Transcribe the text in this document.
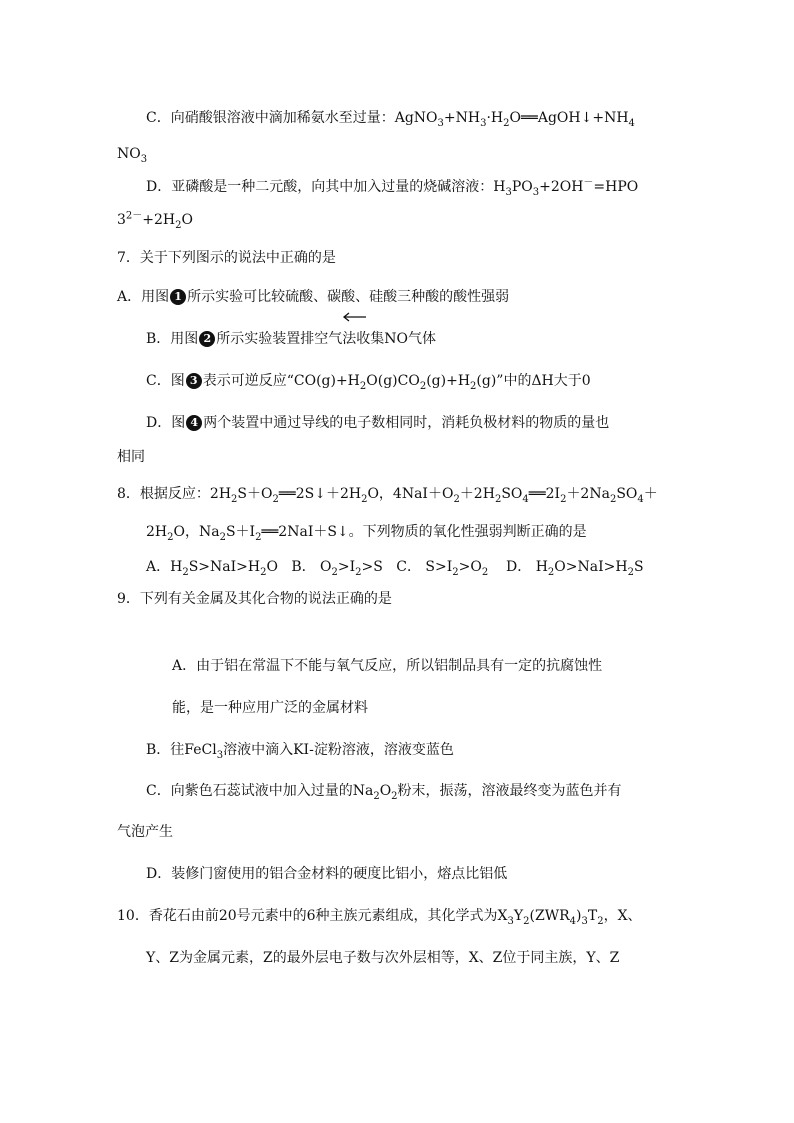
C．向硝酸银溶液中滴加稀氨水至过量：$AgNO_3+NH_3\cdot H_2O══AgOH↓+NH_4$
$NO_3$
D．亚磷酸是一种二元酸，向其中加入过量的烧碱溶液：$H_3PO_3+2OH^-=HPO$
$3^{2-}+2H_2O$
7．关于下列图示的说法中正确的是
A．用图 1 所示实验可比较硫酸、碳酸、硅酸三种酸的酸性强弱
B．用图 2 所示实验装置排空气法收集NO气体
C．图 3 表示可逆反应“$CO(g)+H_2O(g)CO_2(g)+H_2(g)$”中的ΔH大于0
D．图 4 两个装置中通过导线的电子数相同时，消耗负极材料的物质的量也
相同
8．根据反应：$2H_2S+O_2══2S↓+2H_2O$，$4NaI+O_2+2H_2SO_4══2I_2+2Na_2SO_4+$
$2H_2O$，$Na_2S+I_2══2NaI+S↓$。下列物质的氧化性强弱判断正确的是
A．$H_2S>NaI>H_2O$ B． $O_2>I_2>S$ C． $S>I_2>O_2$ D． $H_2O>NaI>H_2S$
9．下列有关金属及其化合物的说法正确的是
A．由于铝在常温下不能与氧气反应，所以铝制品具有一定的抗腐蚀性
能，是一种应用广泛的金属材料
B．往FeCl$_3$溶液中滴入KI-淀粉溶液，溶液变蓝色
C．向紫色石蕊试液中加入过量的$Na_2O_2$粉末，振荡，溶液最终变为蓝色并有
气泡产生
D．装修门窗使用的铝合金材料的硬度比铝小，熔点比铝低
10．香花石由前20号元素中的6种主族元素组成，其化学式为$X_3Y_2(ZWR_4)_3T_2$，X、
Y、Z为金属元素，Z的最外层电子数与次外层相等，X、Z位于同主族，Y、Z
